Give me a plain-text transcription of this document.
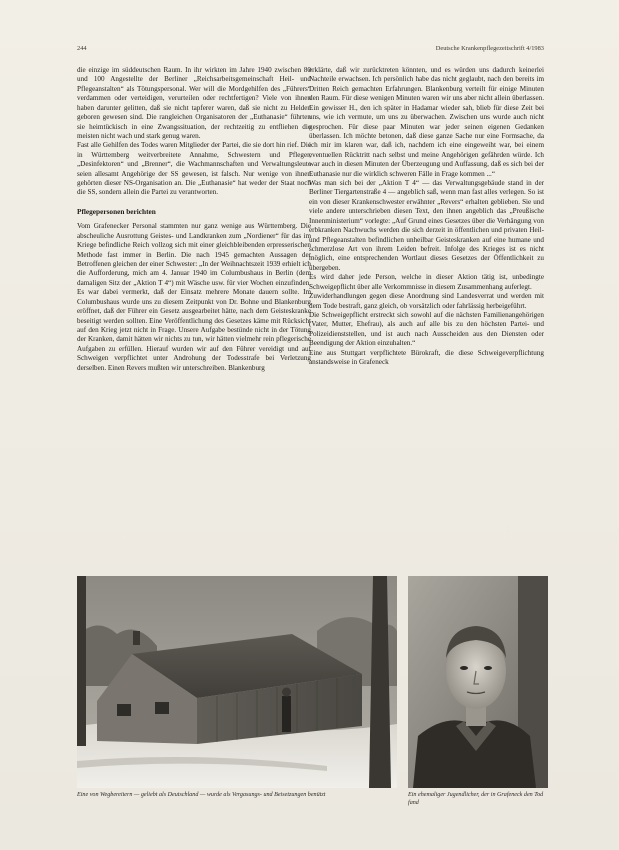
244	Deutsche Krankenpflegezeitschrift 4/1983

die einzige im süddeutschen Raum. In ihr wirkten im Jahre 1940 zwischen 80 und 100 Angestellte der Berliner „Reichsarbeitsgemeinschaft Heil- und Pflegeanstalten“ als Tötungspersonal. Wer will die Mordgehilfen des „Führers“ verdammen oder verteidigen, verurteilen oder rechtfertigen? Viele von ihnen haben darunter gelitten, daß sie nicht tapferer waren, daß sie nicht zu Helden geboren gewesen sind. Die rangleichen Organisatoren der „Euthanasie“ führten sie heimtückisch in eine Zwangssituation, der rechtzeitig zu entfliehen die meisten nicht wach und stark genug waren.

Fast alle Gehilfen des Todes waren Mitglieder der Partei, die sie dort hin rief. Die in Württemberg weitverbreitete Annahme, Schwestern und Pfleger, „Desinfektoren“ und „Brenner“, die Wachmannschaften und Verwaltungsleute seien allesamt Angehörige der SS gewesen, ist falsch. Nur wenige von ihnen gehörten dieser NS-Organisation an. Die „Euthanasie“ hat weder der Staat noch die SS, sondern allein die Partei zu verantworten.

Pflegepersonen berichten

Vom Grafenecker Personal stammten nur ganz wenige aus Württemberg. Die abscheuliche Ausrottung Geistes- und Landkranken zum „Nordiener“ für das im Kriege befindliche Reich vollzog sich mit einer gleichbleibenden erpresserischen Methode fast immer in Berlin. Die nach 1945 gemachten Aussagen der Betroffenen gleichen der einer Schwester: „In der Weihnachtszeit 1939 erhielt ich die Aufforderung, mich am 4. Januar 1940 im Columbushaus in Berlin (dem damaligen Sitz der „Aktion T 4“) mit Wäsche usw. für vier Wochen einzufinden. Es war dabei vermerkt, daß der Einsatz mehrere Monate dauern sollte. Im Columbushaus wurde uns zu diesem Zeitpunkt von Dr. Bohne und Blankenburg eröffnet, daß der Führer ein Gesetz ausgearbeitet hätte, nach dem Geisteskranke beseitigt werden sollten. Eine Veröffentlichung des Gesetzes käme mit Rücksicht auf den Krieg jetzt nicht in Frage. Unsere Aufgabe bestünde nicht in der Tötung der Kranken, damit hätten wir nichts zu tun, wir hätten vielmehr rein pflegerische Aufgaben zu erfüllen. Hierauf wurden wir auf den Führer vereidigt und auf Schweigen verpflichtet unter Androhung der Todesstrafe bei Verletzung derselben. Einen Revers mußten wir unterschreiben. Blankenburg

erklärte, daß wir zurücktreten könnten, und es würden uns dadurch keinerlei Nachteile erwachsen. Ich persönlich habe das nicht geglaubt, nach den bereits im Dritten Reich gemachten Erfahrungen. Blankenburg verteilt für einige Minuten den Raum. Für diese wenigen Minuten waren wir uns aber nicht allein überlassen. Ein gewisser H., den ich später in Hadamar wieder sah, blieb für diese Zeit bei uns, wie ich vermute, um uns zu überwachen. Zwischen uns wurde auch nicht gesprochen. Für diese paar Minuten war jeder seinen eigenen Gedanken überlassen. Ich möchte betonen, daß diese ganze Sache nur eine Formsache, da ich mir im klaren war, daß ich, nachdem ich eine eingeweiht war, bei einem eventuellen Rücktritt nach selbst und meine Angehörigen gefährden würde. Ich war auch in diesen Minuten der Überzeugung und Auffassung, daß es sich bei der Euthanasie nur die wirklich schweren Fälle in Frage kommen ...“

Was man sich bei der „Aktion T 4“ — das Verwaltungsgebäude stand in der Berliner Tiergartenstraße 4 — angeblich saß, wenn man fast alles verlegen. So ist ein von dieser Krankenschwester erwähnter „Revers“ erhalten geblieben. Sie und viele andere unterschrieben diesen Text, den ihnen angeblich das „Preußische Innenministerium“ vorlegte: „Auf Grund eines Gesetzes über die Verhängung von erbkranken Nachwuchs werden die sich derzeit in öffentlichen und privaten Heil- und Pflegeanstalten befindlichen unheilbar Geisteskranken auf eine humane und schmerzlose Art von ihrem Leiden befreit. Infolge des Krieges ist es nicht möglich, eine entsprechenden Wortlaut dieses Gesetzes der Öffentlichkeit zu übergeben.

Es wird daher jede Person, welche in dieser Aktion tätig ist, unbedingte Schweigepflicht über alle Verkommnisse in diesem Zusammenhang auferlegt.

Zuwiderhandlungen gegen diese Anordnung sind Landesverrat und werden mit dem Tode bestraft, ganz gleich, ob vorsätzlich oder fahrlässig herbeigeführt.

Die Schweigepflicht erstreckt sich sowohl auf die nächsten Familienangehörigen (Vater, Mutter, Ehefrau), als auch auf alle bis zu den höchsten Partei- und Polizeidienststellen, und ist auch nach Ausscheiden aus den Diensten oder Beendigung der Aktion einzuhalten.“

Eine aus Stuttgart verpflichtete Bürokraft, die diese Schweigeverpflichtung anstandsweise in Grafeneck

Eine von Wegbereitern — geliebt als Deutschland — wurde als Vergasungs- und Beisetzungen benützt	Ein ehemaliger Jugendlicher, der in Grafeneck den Tod fand
